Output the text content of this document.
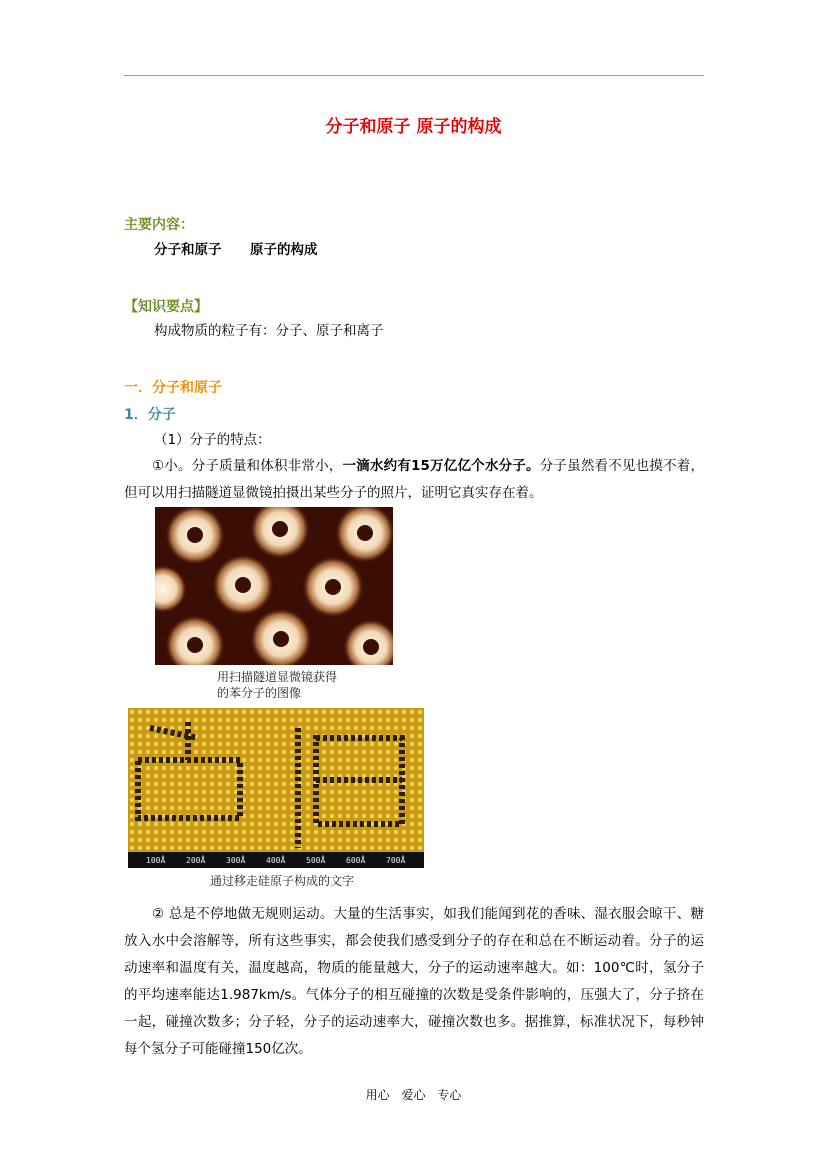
分子和原子 原子的构成
主要内容：
分子和原子 原子的构成
【知识要点】
构成物质的粒子有：分子、原子和离子
一．分子和原子
1．分子
（1）分子的特点：
①小。分子质量和体积非常小，一滴水约有15万亿亿个水分子。分子虽然看不见也摸不着，但可以用扫描隧道显微镜拍摄出某些分子的照片，证明它真实存在着。
用扫描隧道显微镜获得
的苯分子的图像
100Å	200Å	300Å	400Å	500Å	600Å	700Å
通过移走硅原子构成的文字
② 总是不停地做无规则运动。大量的生活事实，如我们能闻到花的香味、湿衣服会晾干、糖放入水中会溶解等，所有这些事实，都会使我们感受到分子的存在和总在不断运动着。分子的运动速率和温度有关，温度越高，物质的能量越大，分子的运动速率越大。如：100℃时，氢分子的平均速率能达1.987km/s。气体分子的相互碰撞的次数是受条件影响的，压强大了，分子挤在一起，碰撞次数多；分子轻，分子的运动速率大，碰撞次数也多。据推算，标准状况下，每秒钟每个氢分子可能碰撞150亿次。
用心 爱心 专心
